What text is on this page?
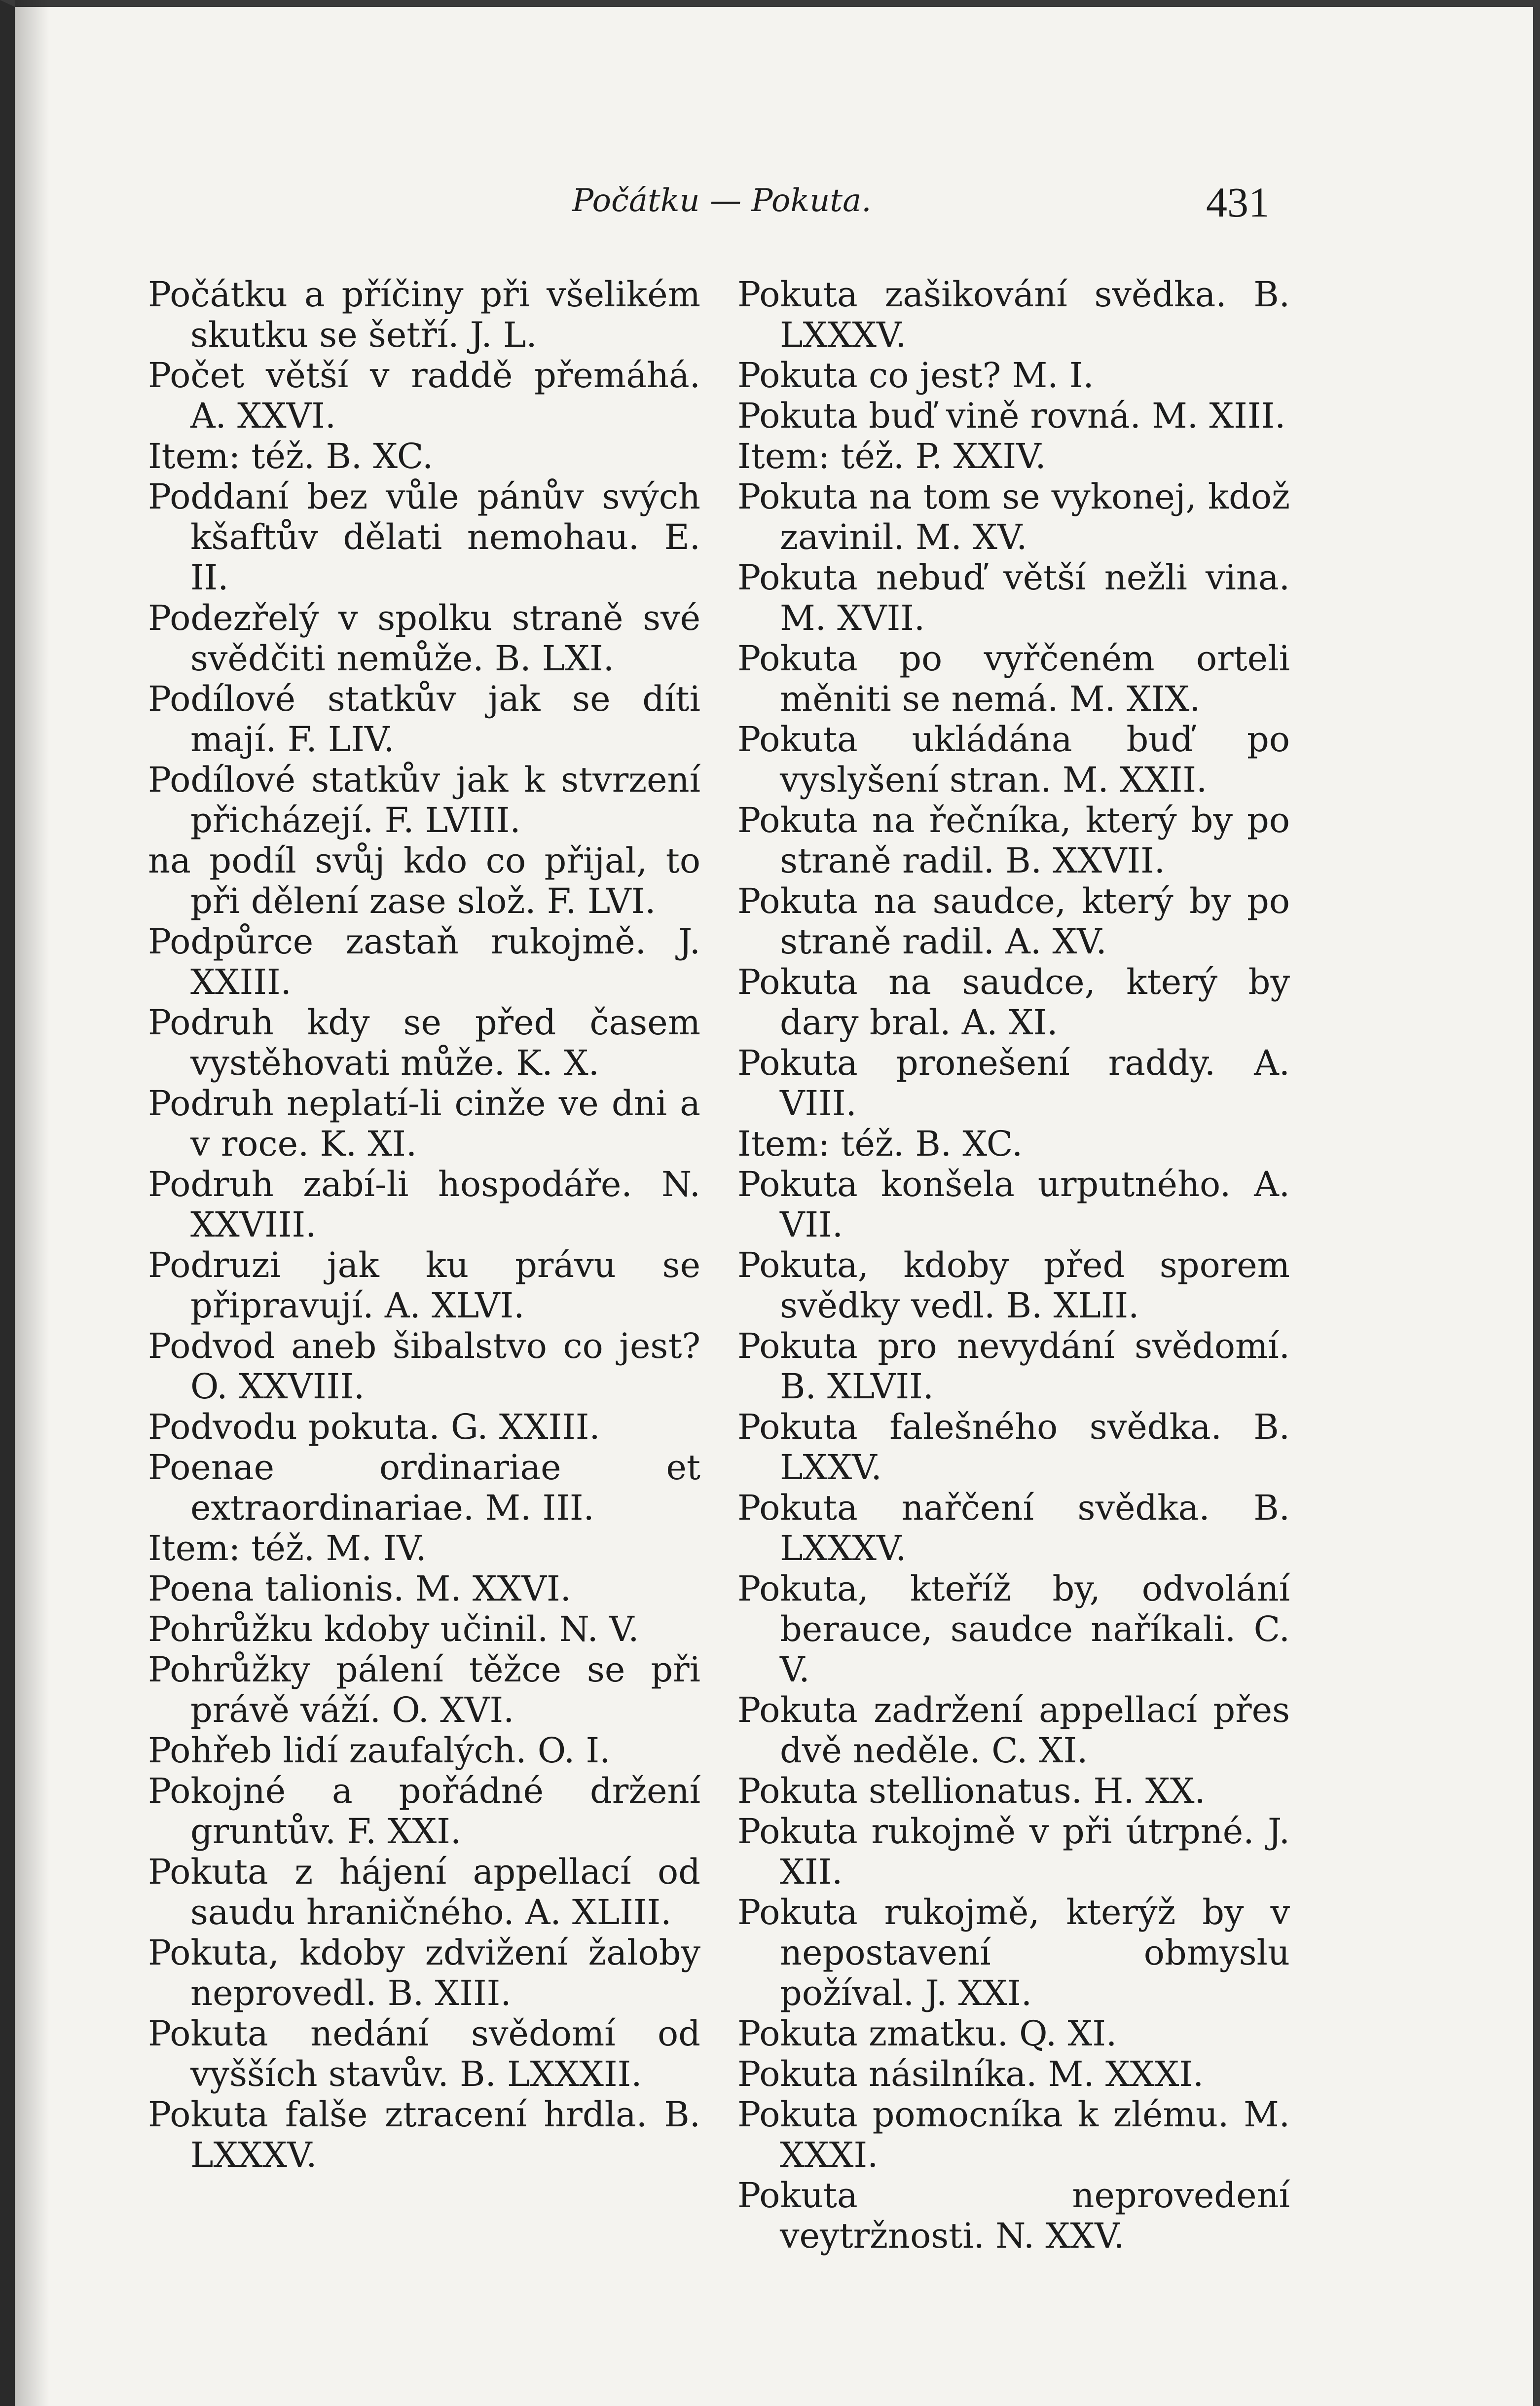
Počátku — Pokuta.	431
Počátku a příčiny při všelikém skutku se šetří. J. L.
Počet větší v raddě přemáhá. A. XXVI.
Item: též. B. XC.
Poddaní bez vůle pánův svých kšaftův dělati nemohau. E. II.
Podezřelý v spolku straně své svědčiti nemůže. B. LXI.
Podílové statkův jak se díti mají. F. LIV.
Podílové statkův jak k stvrzení přicházejí. F. LVIII.
na podíl svůj kdo co přijal, to při dělení zase slož. F. LVI.
Podpůrce zastaň rukojmě. J. XXIII.
Podruh kdy se před časem vystěhovati může. K. X.
Podruh neplatí-li cinže ve dni a v roce. K. XI.
Podruh zabí-li hospodáře. N. XXVIII.
Podruzi jak ku právu se připravují. A. XLVI.
Podvod aneb šibalstvo co jest? O. XXVIII.
Podvodu pokuta. G. XXIII.
Poenae ordinariae et extraordinariae. M. III.
Item: též. M. IV.
Poena talionis. M. XXVI.
Pohrůžku kdoby učinil. N. V.
Pohrůžky pálení těžce se při právě váží. O. XVI.
Pohřeb lidí zaufalých. O. I.
Pokojné a pořádné držení gruntův. F. XXI.
Pokuta z hájení appellací od saudu hraničného. A. XLIII.
Pokuta, kdoby zdvižení žaloby neprovedl. B. XIII.
Pokuta nedání svědomí od vyšších stavův. B. LXXXII.
Pokuta falše ztracení hrdla. B. LXXXV.
Pokuta zašikování svědka. B. LXXXV.
Pokuta co jest? M. I.
Pokuta buď vině rovná. M. XIII.
Item: též. P. XXIV.
Pokuta na tom se vykonej, kdož zavinil. M. XV.
Pokuta nebuď větší nežli vina. M. XVII.
Pokuta po vyřčeném orteli měniti se nemá. M. XIX.
Pokuta ukládána buď po vyslyšení stran. M. XXII.
Pokuta na řečníka, který by po straně radil. B. XXVII.
Pokuta na saudce, který by po straně radil. A. XV.
Pokuta na saudce, který by dary bral. A. XI.
Pokuta pronešení raddy. A. VIII.
Item: též. B. XC.
Pokuta konšela urputného. A. VII.
Pokuta, kdoby před sporem svědky vedl. B. XLII.
Pokuta pro nevydání svědomí. B. XLVII.
Pokuta falešného svědka. B. LXXV.
Pokuta nařčení svědka. B. LXXXV.
Pokuta, kteříž by, odvolání berauce, saudce naříkali. C. V.
Pokuta zadržení appellací přes dvě neděle. C. XI.
Pokuta stellionatus. H. XX.
Pokuta rukojmě v při útrpné. J. XII.
Pokuta rukojmě, kterýž by v nepostavení obmyslu požíval. J. XXI.
Pokuta zmatku. Q. XI.
Pokuta násilníka. M. XXXI.
Pokuta pomocníka k zlému. M. XXXI.
Pokuta neprovedení veytržnosti. N. XXV.
